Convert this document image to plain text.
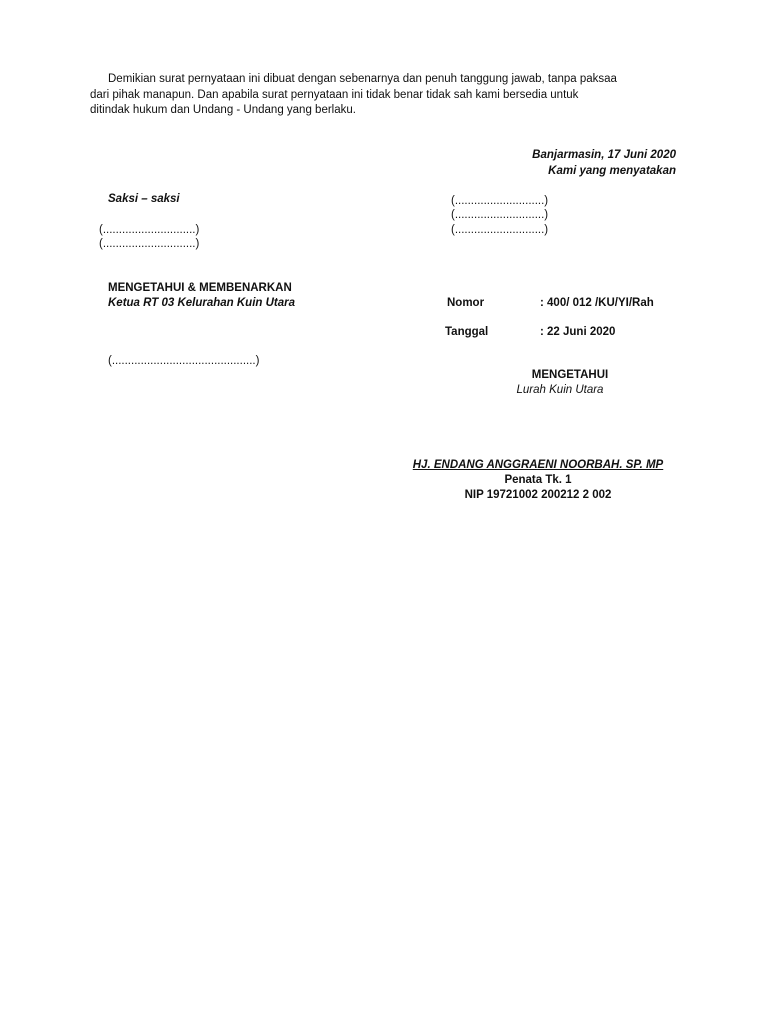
Demikian surat pernyataan ini dibuat dengan sebenarnya dan penuh tanggung jawab, tanpa paksaa
dari pihak manapun. Dan apabila surat pernyataan ini tidak benar tidak sah kami bersedia untuk
ditindak hukum dan Undang - Undang yang berlaku.
Banjarmasin, 17 Juni 2020
Kami yang menyatakan
Saksi – saksi
(.............................)
(.............................)
(............................)
(............................)
(............................)
MENGETAHUI & MEMBENARKAN
Ketua RT 03 Kelurahan Kuin Utara
(.............................................)
Nomor	: 400/ 012 /KU/YI/Rah
Tanggal	: 22 Juni 2020
MENGETAHUI
Lurah Kuin Utara
HJ. ENDANG ANGGRAENI NOORBAH. SP. MP
Penata Tk. 1
NIP 19721002 200212 2 002
